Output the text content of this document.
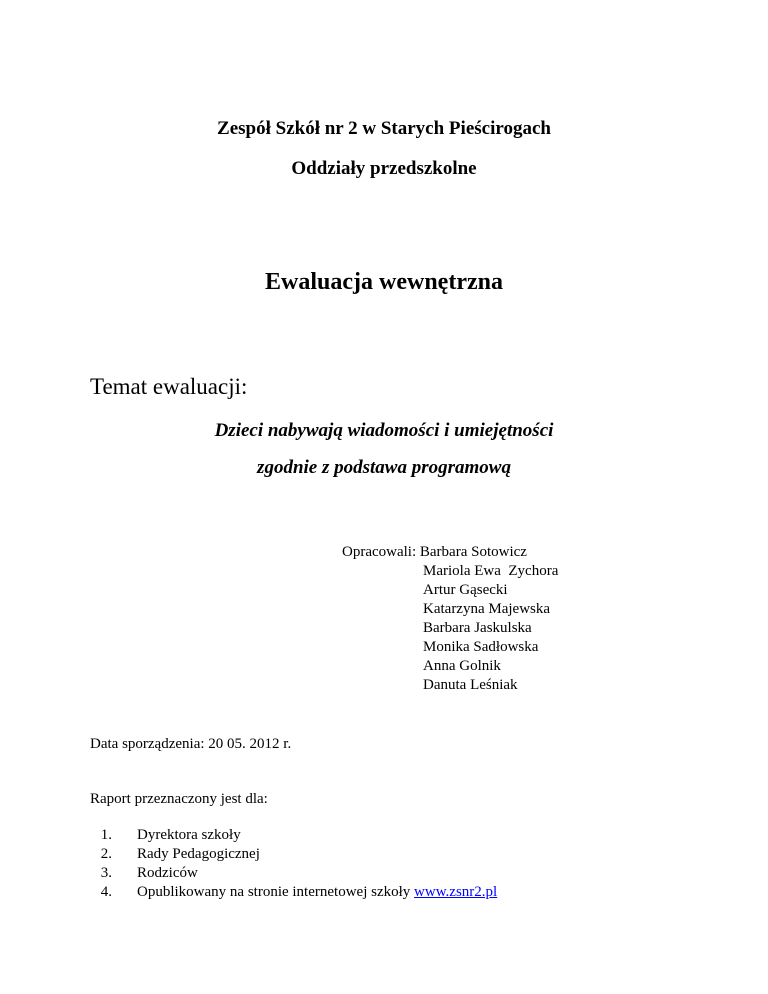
Zespół Szkół nr 2 w Starych Pieścirogach
Oddziały przedszkolne
Ewaluacja wewnętrzna
Temat ewaluacji:
Dzieci nabywają wiadomości i umiejętności
zgodnie z podstawa programową
Opracowali: Barbara Sotowicz
Mariola Ewa  Zychora
Artur Gąsecki
Katarzyna Majewska
Barbara Jaskulska
Monika Sadłowska
Anna Golnik
Danuta Leśniak
Data sporządzenia: 20 05. 2012 r.
Raport przeznaczony jest dla:
1. Dyrektora szkoły
2. Rady Pedagogicznej
3. Rodziców
4. Opublikowany na stronie internetowej szkoły www.zsnr2.pl
